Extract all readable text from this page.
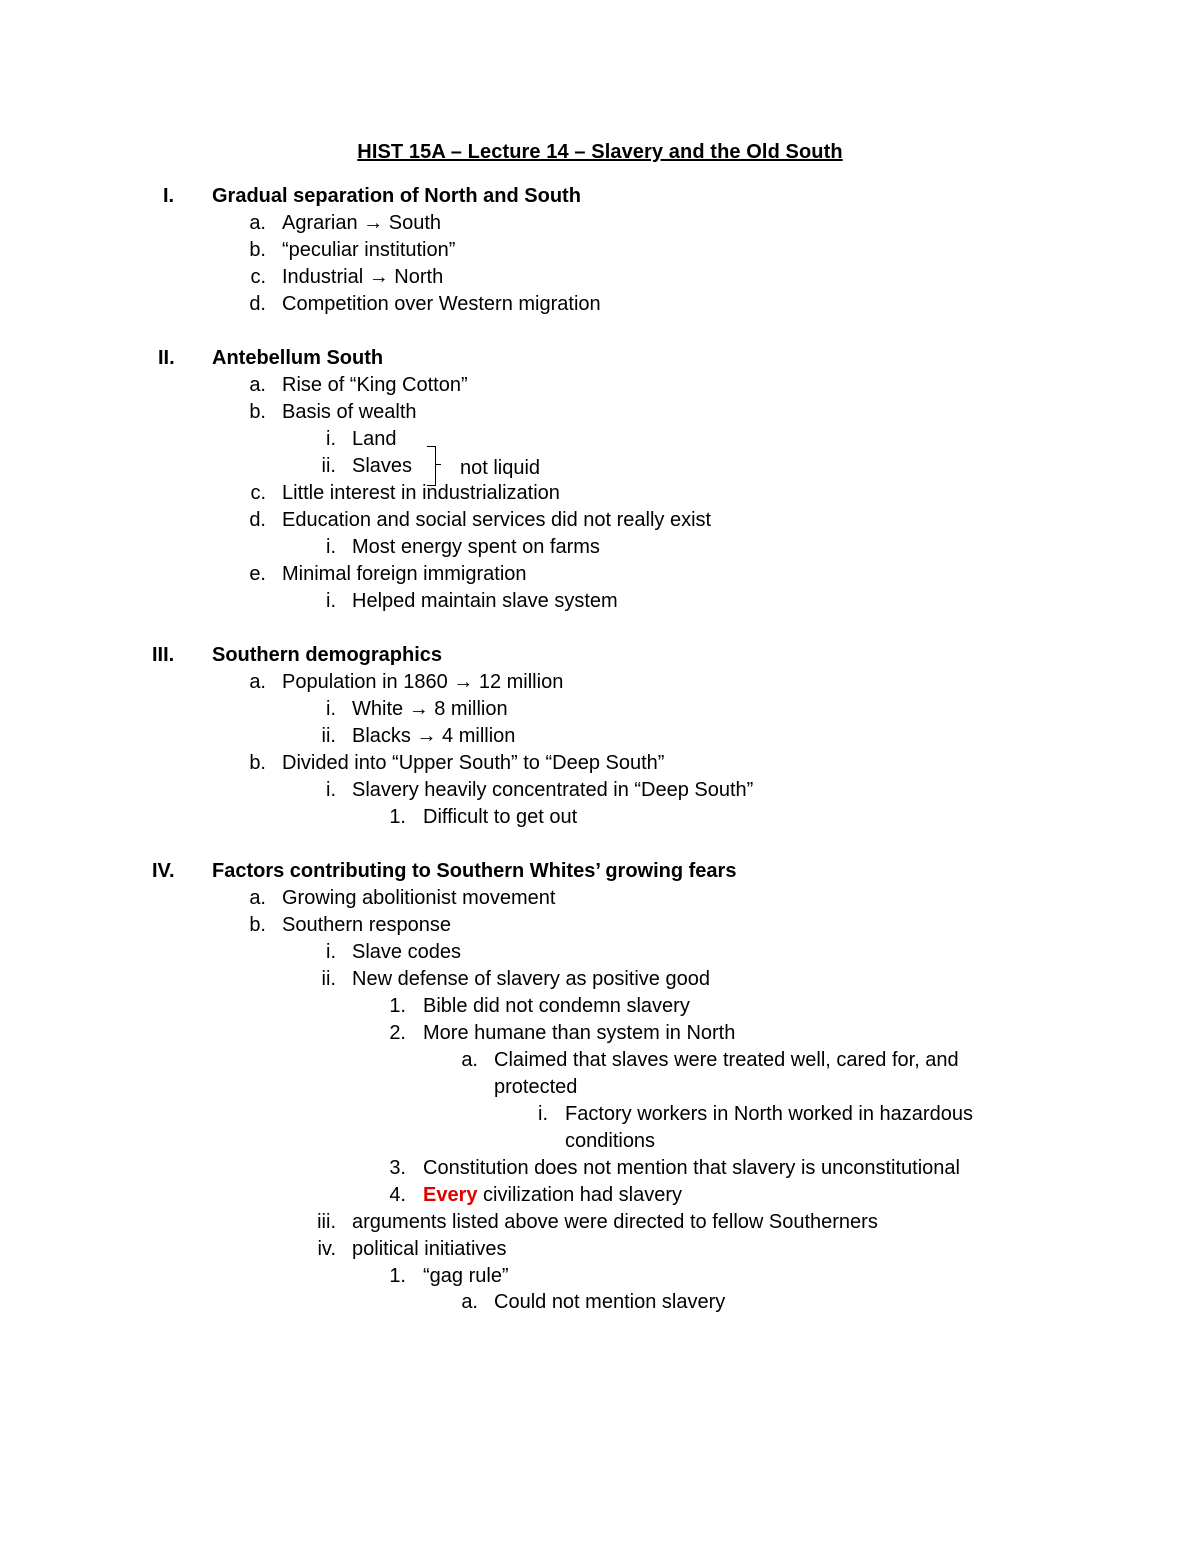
HIST 15A – Lecture 14 – Slavery and the Old South
I.	Gradual separation of North and South
a. Agrarian → South
b. “peculiar institution”
c. Industrial → North
d. Competition over Western migration
II. Antebellum South
a. Rise of “King Cotton”
b. Basis of wealth
i. Land
ii. Slaves not liquid
c. Little interest in industrialization
d. Education and social services did not really exist
i. Most energy spent on farms
e. Minimal foreign immigration
i. Helped maintain slave system
III. Southern demographics
a. Population in 1860 → 12 million
i. White → 8 million
ii. Blacks → 4 million
b. Divided into “Upper South” to “Deep South”
i. Slavery heavily concentrated in “Deep South”
1. Difficult to get out
IV. Factors contributing to Southern Whites’ growing fears
a. Growing abolitionist movement
b. Southern response
i. Slave codes
ii. New defense of slavery as positive good
1. Bible did not condemn slavery
2. More humane than system in North
a. Claimed that slaves were treated well, cared for, and
protected
i. Factory workers in North worked in hazardous
conditions
3. Constitution does not mention that slavery is unconstitutional
4. Every civilization had slavery
iii. arguments listed above were directed to fellow Southerners
iv. political initiatives
1. “gag rule”
a. Could not mention slavery
